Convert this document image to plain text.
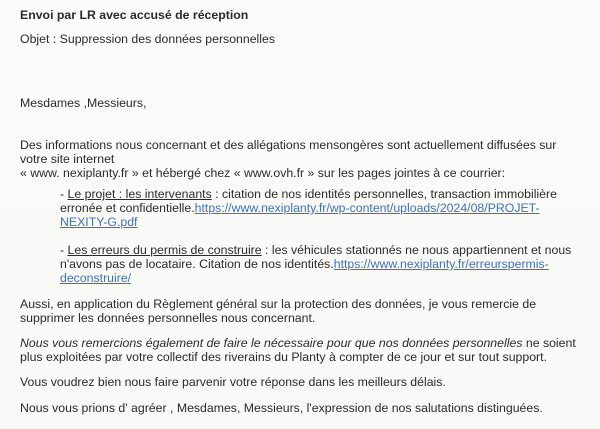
Envoi par LR avec accusé de réception
Objet : Suppression des données personnelles
Mesdames ,Messieurs,
Des informations nous concernant et des allégations mensongères sont actuellement diffusées sur
votre site internet
« www. nexiplanty.fr » et hébergé chez « www.ovh.fr » sur les pages jointes à ce courrier:
- Le projet : les intervenants : citation de nos identités personnelles, transaction immobilière
erronée et confidentielle.https://www.nexiplanty.fr/wp-content/uploads/2024/08/PROJET-
NEXITY-G.pdf
- Les erreurs du permis de construire : les véhicules stationnés ne nous appartiennent et nous
n'avons pas de locataire. Citation de nos identités.https://www.nexiplanty.fr/erreurspermis-
deconstruire/
Aussi, en application du Règlement général sur la protection des données, je vous remercie de
supprimer les données personnelles nous concernant.
Nous vous remercions également de faire le nécessaire pour que nos données personnelles ne soient
plus exploitées par votre collectif des riverains du Planty à compter de ce jour et sur tout support.
Vous voudrez bien nous faire parvenir votre réponse dans les meilleurs délais.
Nous vous prions d' agréer , Mesdames, Messieurs, l'expression de nos salutations distinguées.
